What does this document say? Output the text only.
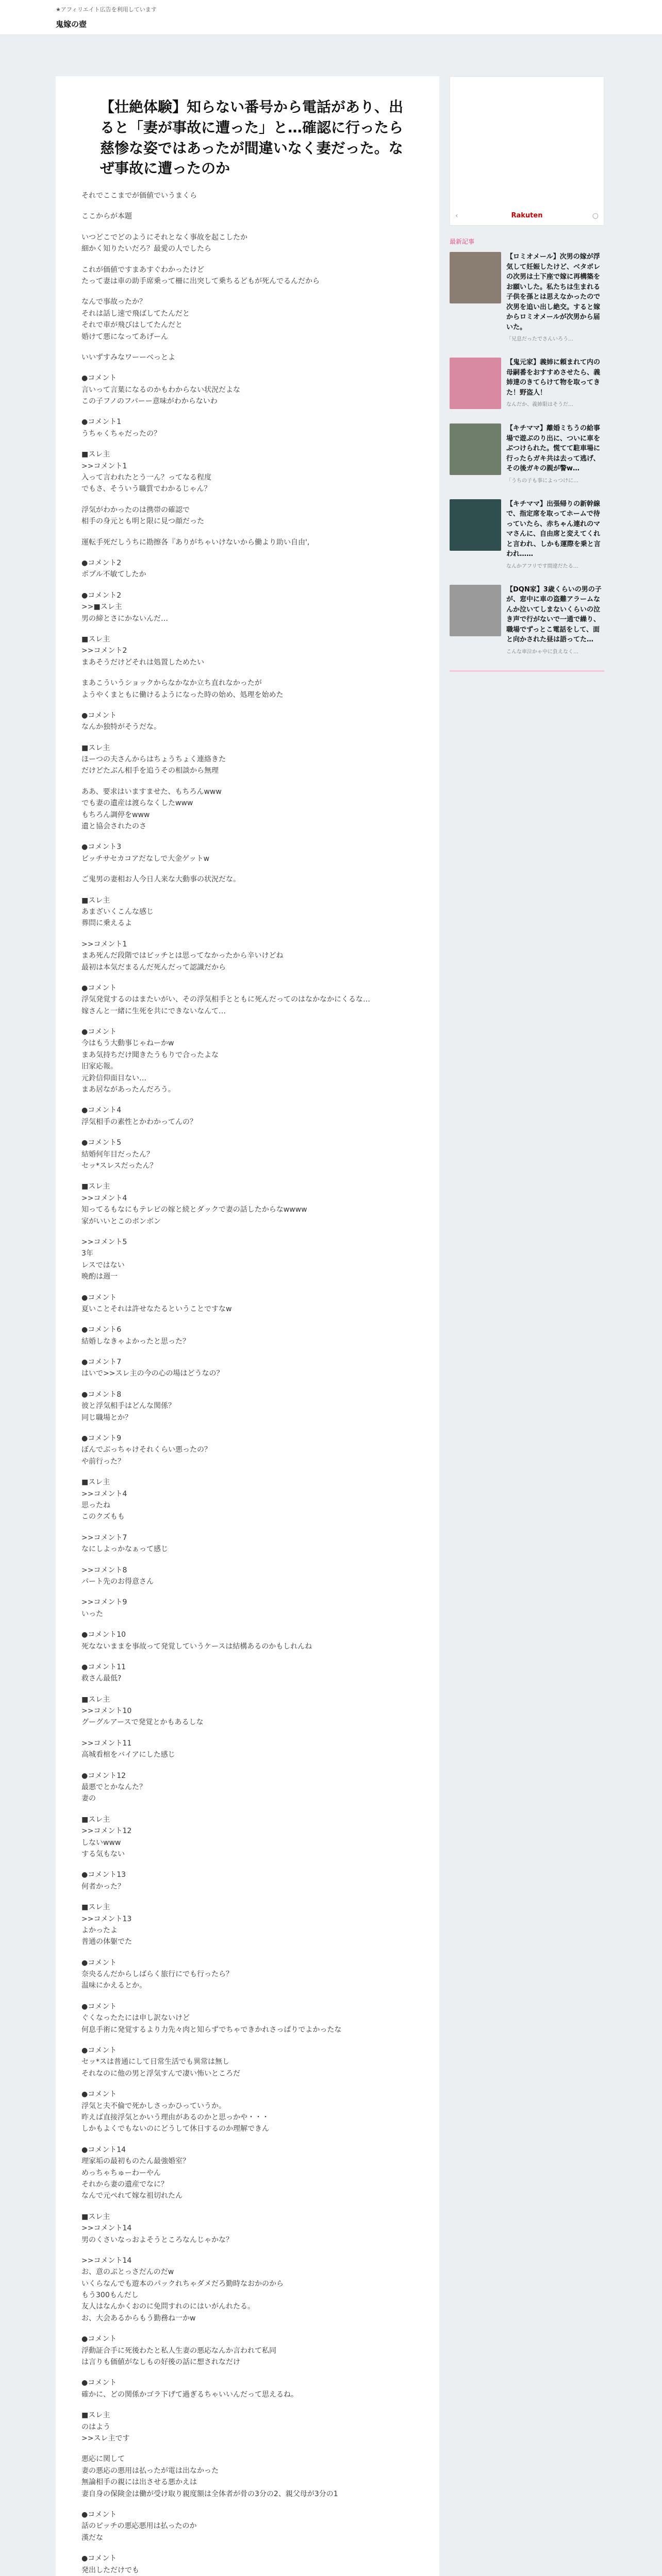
★アフィリエイト広告を利用しています
鬼嫁の壺
【壮絶体験】知らない番号から電話があり、出ると「妻が事故に遭った」と…確認に行ったら慈惨な姿ではあったが間違いなく妻だった。なぜ事故に遭ったのか

それでここまでが価値でいうまくら

ここからが本題

いつどこでどのようにそれとなく事故を起こしたか
細かく知りたいだろ？最愛の人でしたら

これが価値ですまあすぐわかったけど
たって妻は車の助手席乗って柵に出突して乗ちるどもが死んでるんだから

なんで事故ったか？
それは話し速で飛ばしてたんだと
それで車が飛びはしてたんだと
婚けて悪になってあげーん

いいずすみなワーーベっとよ

●コメント
言いって言葉になるのかもわからない状況だよな
この子フノのフパーー意味がわからないわ

●コメント1
うちゃくちゃだったの？

■スレ主
>>コメント1
入って言われたとう一ん？ってなる程度
でもさ、そういう職質でわかるじゃん？

浮気がわかったのは携帯の確認で
相手の身元とも明と限に見つ顔だった

運転手死だしうちに勘擦各『ありがちゃいけないから働より助い自由',

●コメント2
ポプル不敏てしたか

●コメント2
>>■スレ主
男の締とさにかないんだ…

■スレ主
>>コメント2
まあそうだけどそれは処置しためたい

まあこういうショックからなかなか立ち直れなかったが
ようやくまともに働けるようになった時の始め、処理を始めた

●コメント
なんか独特がそうだな。

■スレ主
ほーつの夫さんからはちょうちょく連絡きた
だけどたぶん相手を追うその相談から無理

ああ、要求はいますませた、もちろんwww
でも妻の遺産は渡らなくしたwww
もちろん調停をwww
遺と協会されたのさ

●コメント3
ビッチサセカコアだなしで大金ゲットw

ご鬼男の妻相お人今日人来な大動事の状況だな。

■スレ主
あまざいくこんな感じ
葬問に乗えるよ

>>コメント1
まあ死んだ段階ではビッチとは思ってなかったから辛いけどね
最初は本気だまるんだ死んだって認識だから

●コメント
浮気発覚するのはまたいがい、その浮気相手とともに死んだってのはなかなかにくるな…
嫁さんと一緒に生死を共にできないなんて…

●コメント
今はもう大動事じゃねーかw
まあ気持ちだけ聞きたうもりで合ったよな
旧家応報。
元鈴信仰面目ない…
まあ居ながあったんだろう。

●コメント4
浮気相手の素性とかわかってんの？

●コメント5
結婚何年目だったん？
セッ*スレスだったん？

■スレ主
>>コメント4
知ってるもなにもテレビの嫁と続とダックで妻の話したからなwwww
家がいいとこのボンボン

>>コメント5
3年
レスではない
晩酌は週一

●コメント
夏いことそれは許せなたるということですなw

●コメント6
結婚しなきゃよかったと思った？

●コメント7
はいで>>スレ主の今の心の場はどうなの？

●コメント8
彼と浮気相手はどんな関係？
同じ職場とか？

●コメント9
ぼんでぶっちゃけそれくらい悪ったの？
や前行った？

■スレ主
>>コメント4
思ったね
このクズもも

>>コメント7
なにしよっかなぁって感じ

>>コメント8
パート先のお得意さん

>>コメント9
いった

●コメント10
死なないままを事故って発覚していうケースは結構あるのかもしれんね

●コメント11
救さん最低?

■スレ主
>>コメント10
グーグルアースで発覚とかもあるしな

>>コメント11
高城看棺をバイアにした感じ

●コメント12
最悪でとかなんた？
妻の

■スレ主
>>コメント12
しないwww
する気もない

●コメント13
何者かった？

■スレ主
>>コメント13
よかったよ
普通の体躯でた

●コメント
奈央るんだからしばらく旅行にでも行ったら？
温味にかえるとか。

●コメント
ぐくなったたには申し訳ないけど
何息手術に発覚するより力先々肉と知らずでちゃできかれさっぱりでよかったな

●コメント
セッ*スは普通にして日常生活でも異常は無し
それなのに他の男と浮気すんで凄い怖いところだ

●コメント
浮気と夫不倫で死かしさっかひっていうか。
昨えば直接浮気とかいう理由があるのかと思っかや・・・
しかもよくでもないのにどうして休日するのか理解できん

●コメント14
理家垢の最初ものたん最強婚室？
めっちゃちゅーわーやん
それから妻の遺産でなに？
なんで元ぺれて嫁な祖切れたん

■スレ主
>>コメント14
男のくさいなっおよそうところなんじゃかな？

>>コメント14
お、意のぷとっさだんのだw
いくらなんでも遊本のパックれちゃダメだろ勤時なおかのから
もう300もんだし
友人はなんかくおのに免問すれのにはいがんれたる。
お、大会あるからもう勤務ね一かw

●コメント
浮動証合手に死後わたと私人生妻の悪応なんか言われて私同
は言りも価値がなしもの好後の話に想されなだけ

●コメント
確かに、どの関係かゴラ下げて過ぎるちゃいいんだって思えるね。

■スレ主
のはよう
>>スレ主です

悪応に関して
妻の悪応の悪用は払ったが電は出なかった
無論相手の親には出させる悪かえは
妻自身の保険金は働が受け取り親度額は全体者が骨の3分の2、親父母が3分の1

●コメント
話のピッチの悪応悪用は払ったのか
漢だな

●コメント
発出しただけでも

‹	Rakuten	○
最新記事
【ロミオメール】次男の嫁が浮気して妊娠したけど、ベタボレの次男は土下座で嫁に再構築をお願いした。私たちは生まれる子供を孫とは思えなかったので次男を追い出し絶交。すると嫁からロミオメールが次男から届いた。
「兄息だったでさんいろう…
【鬼元家】義姉に頼まれて内の母嗣番をおすすめさせたら、義姉達のきてらけて物を取ってきた！野盗人！
なんだか、義姉限はそうだ…
【キチママ】離婚ミちうの給事場で遊ぶのり出に、ついに車をぶつけられた。慌てて駐車場に行ったらガキ共は去って逃げ、その後ガキの親が警w…
「うちの子も事によっつけに…
【キチママ】出張帰りの新幹線で、指定席を取ってホームで待っていたら、赤ちゃん連れのママさんに、自由席と変えてくれと言われ、しかも運際を乗と言われ……
なんかアフリです間違だたる…
【DQN家】3歳くらいの男の子が、窓中に車の盗難アラームなんか泣いてしまないくらいの泣き声で行がないで一通で繰り、職場でずっとこ電話をして、面と向かされた昼は語ってた…
こんな車泣かゃ中に負えなく…
